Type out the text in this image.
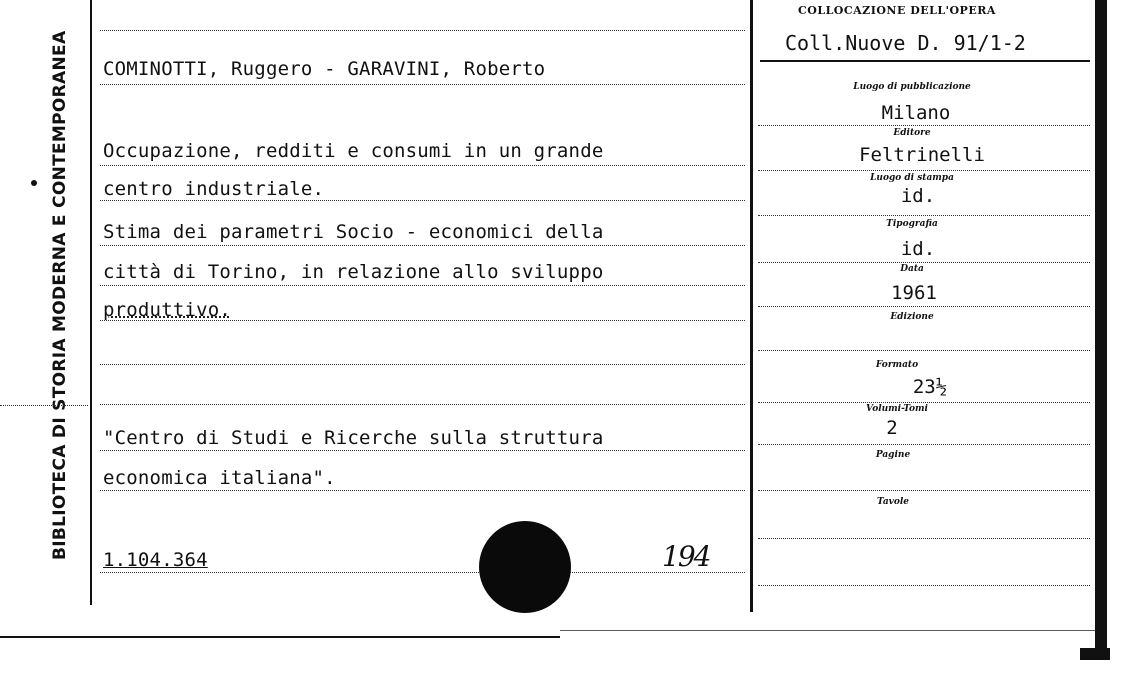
BIBLIOTECA DI STORIA MODERNA E CONTEMPORANEA COMINOTTI, Ruggero - GARAVINI, Roberto
Occupazione, redditi e consumi in un grande
centro industriale.
Stima dei parametri Socio - economici della
città di Torino, in relazione allo sviluppo
produttivo.
"Centro di Studi e Ricerche sulla struttura
economica italiana".
1.104.364	194
COLLOCAZIONE DELL'OPERA
Coll.Nuove D. 91/1-2
Luogo di pubblicazione
Milano
Editore
Feltrinelli
Luogo di stampa
id.
Tipografia
id.
Data
1961
Edizione
Formato
23½
Volumi-Tomi
2
Pagine
Tavole
